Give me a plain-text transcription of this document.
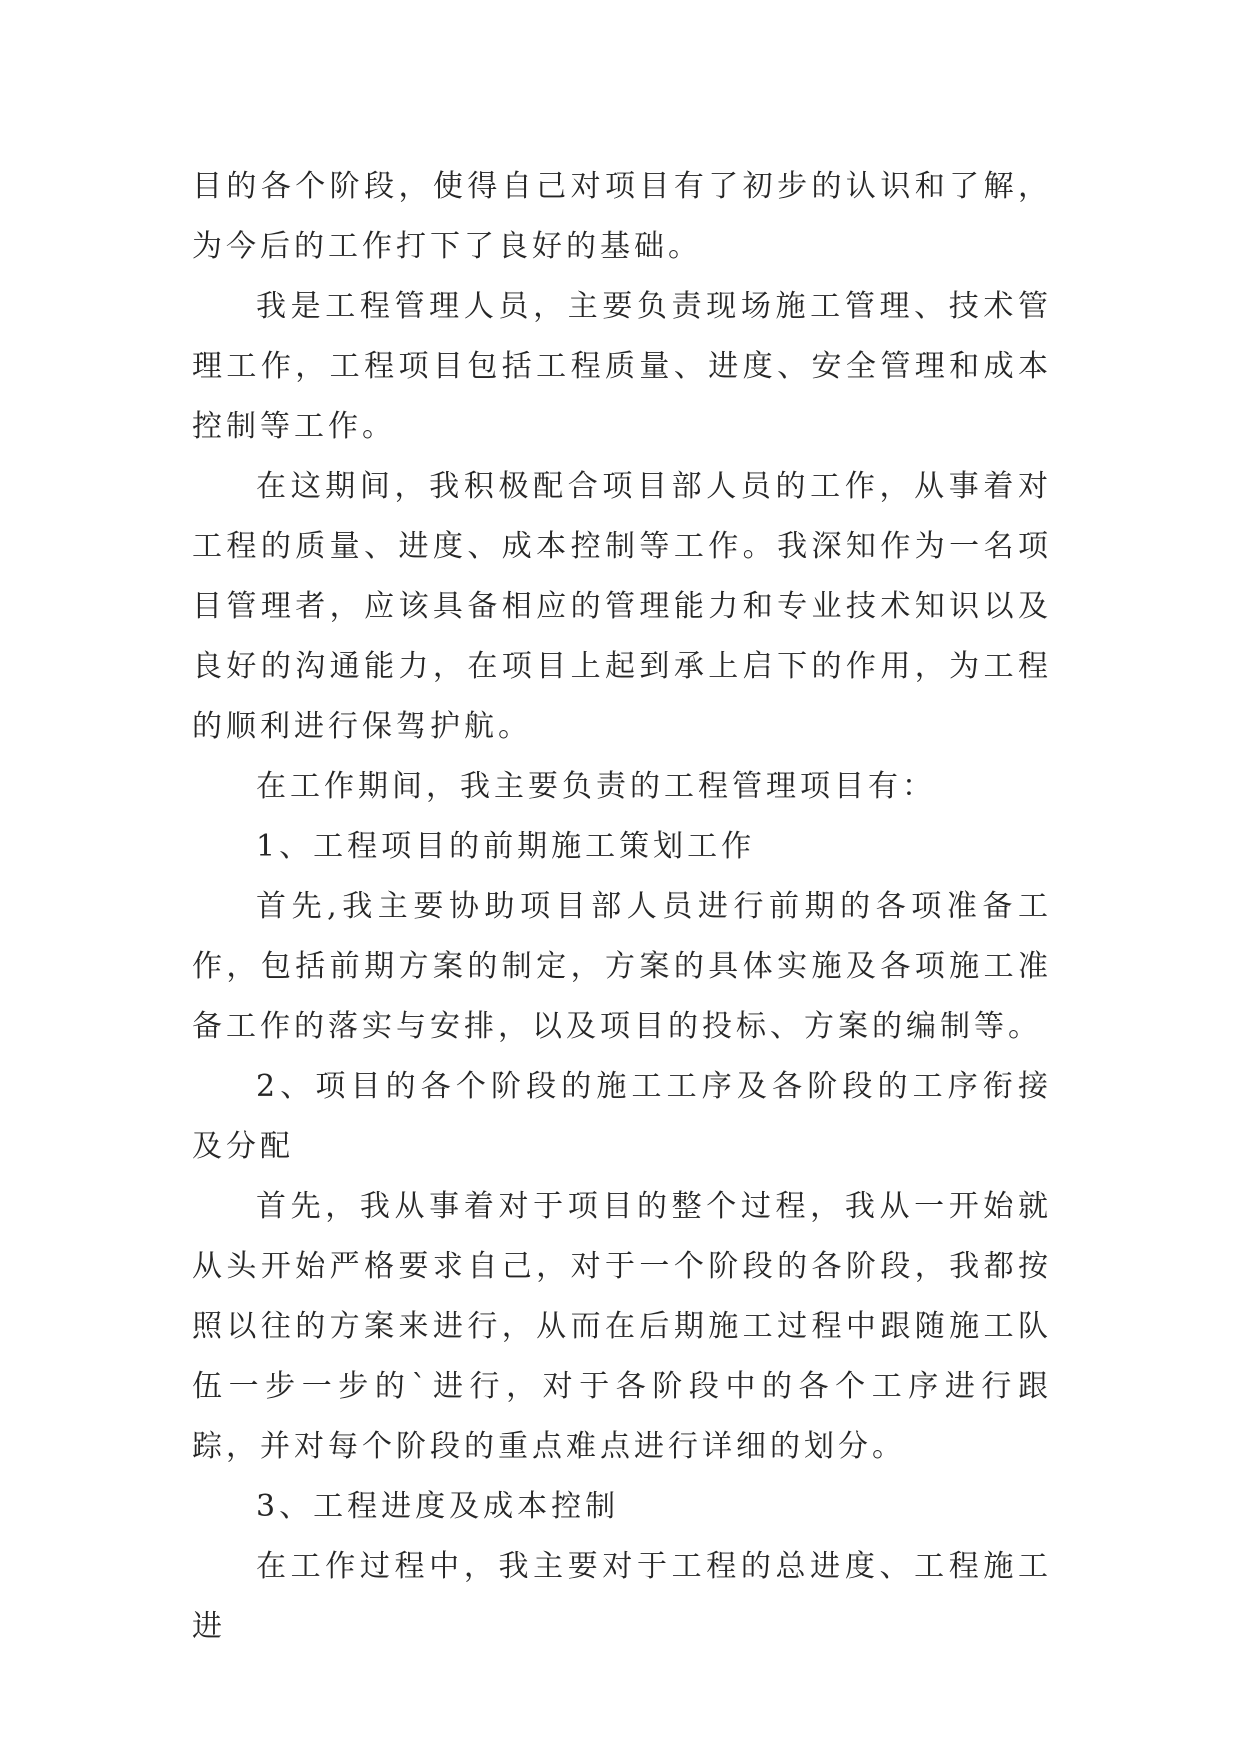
目的各个阶段，使得自己对项目有了初步的认识和了解，为今后的工作打下了良好的基础。

我是工程管理人员，主要负责现场施工管理、技术管理工作，工程项目包括工程质量、进度、安全管理和成本控制等工作。

在这期间，我积极配合项目部人员的工作，从事着对工程的质量、进度、成本控制等工作。我深知作为一名项目管理者，应该具备相应的管理能力和专业技术知识以及良好的沟通能力，在项目上起到承上启下的作用，为工程的顺利进行保驾护航。

在工作期间，我主要负责的工程管理项目有：

1、工程项目的前期施工策划工作

首先,我主要协助项目部人员进行前期的各项准备工作，包括前期方案的制定，方案的具体实施及各项施工准备工作的落实与安排，以及项目的投标、方案的编制等。

2、项目的各个阶段的施工工序及各阶段的工序衔接及分配

首先，我从事着对于项目的整个过程，我从一开始就从头开始严格要求自己，对于一个阶段的各阶段，我都按照以往的方案来进行，从而在后期施工过程中跟随施工队伍一步一步的`进行，对于各阶段中的各个工序进行跟踪，并对每个阶段的重点难点进行详细的划分。

3、工程进度及成本控制

在工作过程中，我主要对于工程的总进度、工程施工进
